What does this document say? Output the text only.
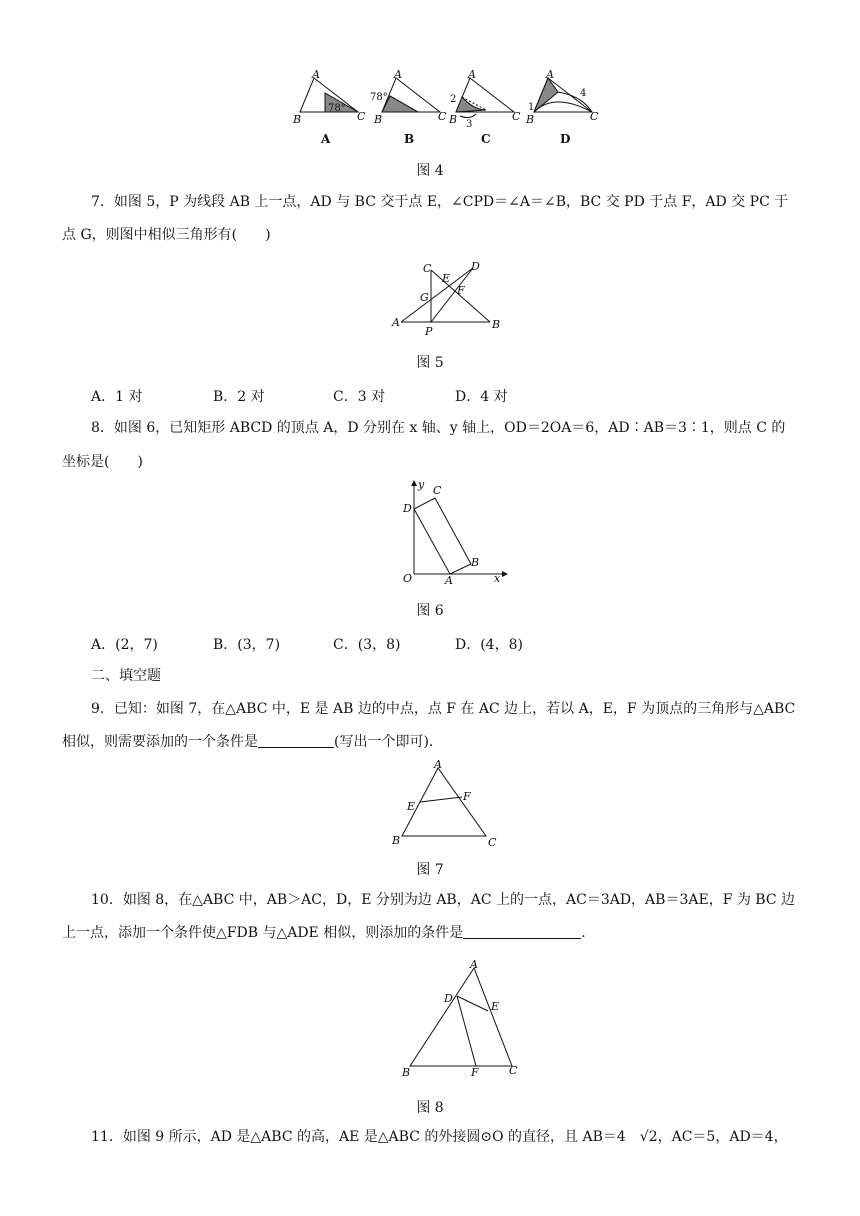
A
B	C
78°
A
A
B	C
78°
B
A
B	C
2
3
C
A
B	C
1
4
D
图 4
7．如图 5，P 为线段 AB 上一点，AD 与 BC 交于点 E，∠CPD＝∠A＝∠B，BC 交 PD 于点 F，AD 交 PC 于
点 G，则图中相似三角形有(　　)
A	B
C	D
E
F
G
P
图 5
A．1 对	B．2 对	C．3 对	D．4 对
8．如图 6，已知矩形 ABCD 的顶点 A，D 分别在 x 轴、y 轴上，OD＝2OA＝6，AD∶AB＝3∶1，则点 C 的
坐标是(　　)
y
x
O
D
C
B
A
图 6
A．(2，7)	B．(3，7)	C．(3，8)	D．(4，8)
二、填空题
9．已知：如图 7，在△ABC 中，E 是 AB 边的中点，点 F 在 AC 边上，若以 A，E，F 为顶点的三角形与△ABC
相似，则需要添加的一个条件是	(写出一个即可).
A
B	C
E
F
图 7
10．如图 8，在△ABC 中，AB＞AC，D，E 分别为边 AB，AC 上的一点，AC＝3AD，AB＝3AE，F 为 BC 边
上一点，添加一个条件使△FDB 与△ADE 相似，则添加的条件是	.
A
B	C
D
E
F
图 8
11．如图 9 所示，AD 是△ABC 的高，AE 是△ABC 的外接圆⊙O 的直径，且 AB＝4　√2，AC＝5，AD＝4，
